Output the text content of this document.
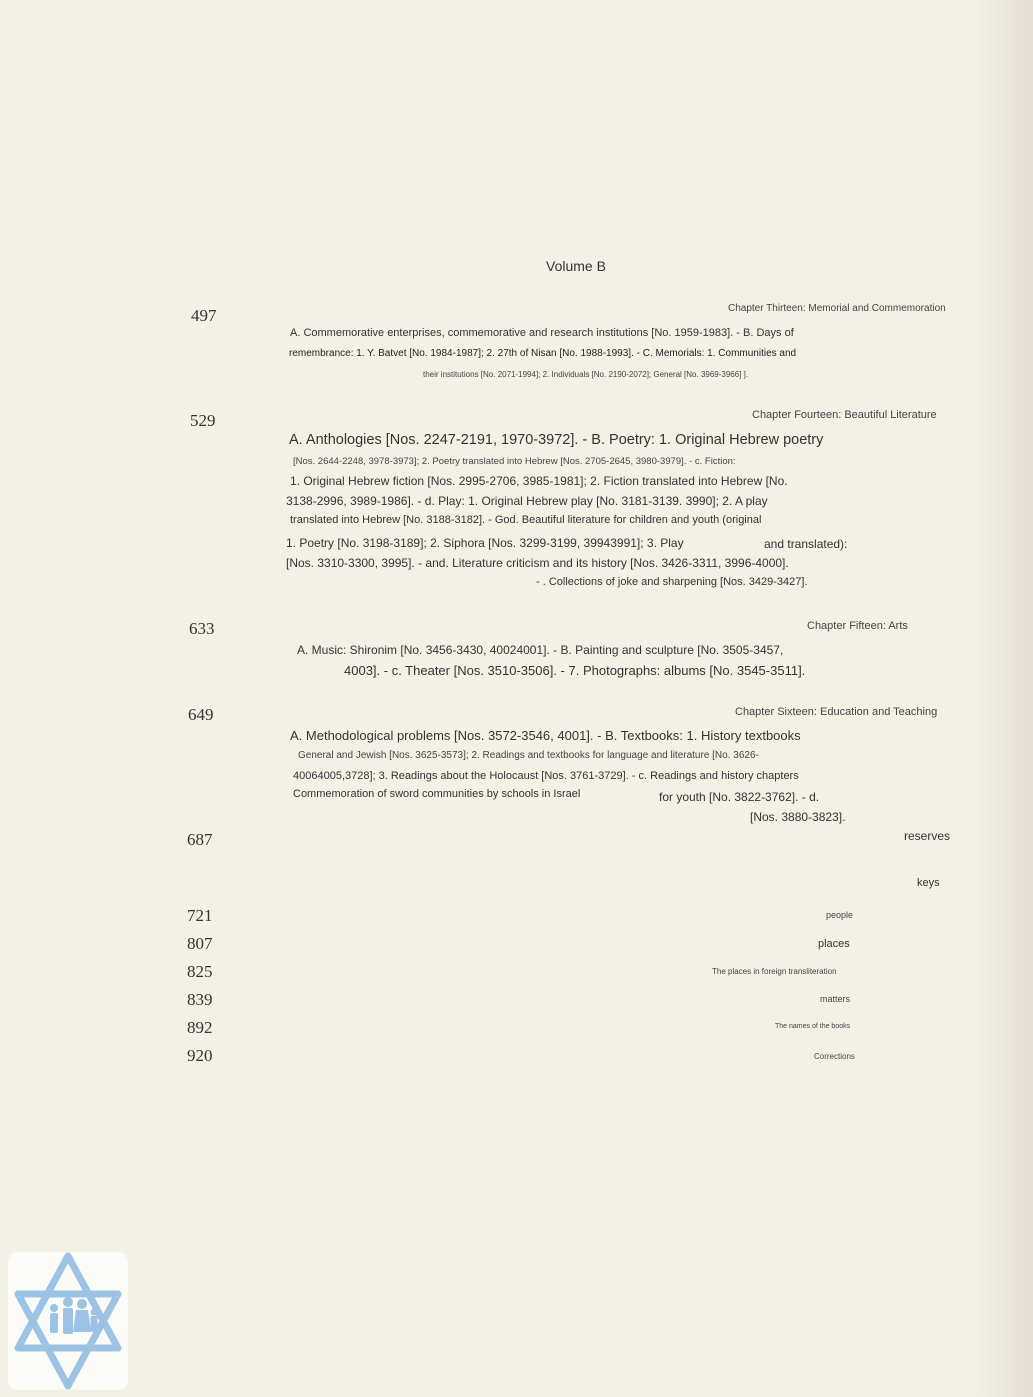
Volume B
497	Chapter Thirteen: Memorial and Commemoration
A. Commemorative enterprises, commemorative and research institutions [No. 1959-1983]. - B. Days of
remembrance: 1. Y. Batvet [No. 1984-1987]; 2. 27th of Nisan [No. 1988-1993]. - C. Memorials: 1. Communities and
their institutions [No. 2071-1994]; 2. Individuals [No. 2190-2072]; General [No. 3969-3966] ].
529	Chapter Fourteen: Beautiful Literature
A. Anthologies [Nos. 2247-2191, 1970-3972]. - B. Poetry: 1. Original Hebrew poetry
[Nos. 2644-2248, 3978-3973]; 2. Poetry translated into Hebrew [Nos. 2705-2645, 3980-3979]. - c. Fiction:
1. Original Hebrew fiction [Nos. 2995-2706, 3985-1981]; 2. Fiction translated into Hebrew [No.
3138-2996, 3989-1986]. - d. Play: 1. Original Hebrew play [No. 3181-3139. 3990]; 2. A play
translated into Hebrew [No. 3188-3182]. - God. Beautiful literature for children and youth (original
1. Poetry [No. 3198-3189]; 2. Siphora [Nos. 3299-3199, 39943991]; 3. Play	and translated):
[Nos. 3310-3300, 3995]. - and. Literature criticism and its history [Nos. 3426-3311, 3996-4000].
- . Collections of joke and sharpening [Nos. 3429-3427].
633	Chapter Fifteen: Arts
A. Music: Shironim [No. 3456-3430, 40024001]. - B. Painting and sculpture [No. 3505-3457,
4003]. - c. Theater [Nos. 3510-3506]. - 7. Photographs: albums [No. 3545-3511].
649	Chapter Sixteen: Education and Teaching
A. Methodological problems [Nos. 3572-3546, 4001]. - B. Textbooks: 1. History textbooks
General and Jewish [Nos. 3625-3573]; 2. Readings and textbooks for language and literature [No. 3626-
40064005,3728]; 3. Readings about the Holocaust [Nos. 3761-3729]. - c. Readings and history chapters
Commemoration of sword communities by schools in Israel	for youth [No. 3822-3762]. - d.
[Nos. 3880-3823].
687	reserves
keys
721	people
807	places
825	The places in foreign transliteration
839	matters
892	The names of the books
920	Corrections
